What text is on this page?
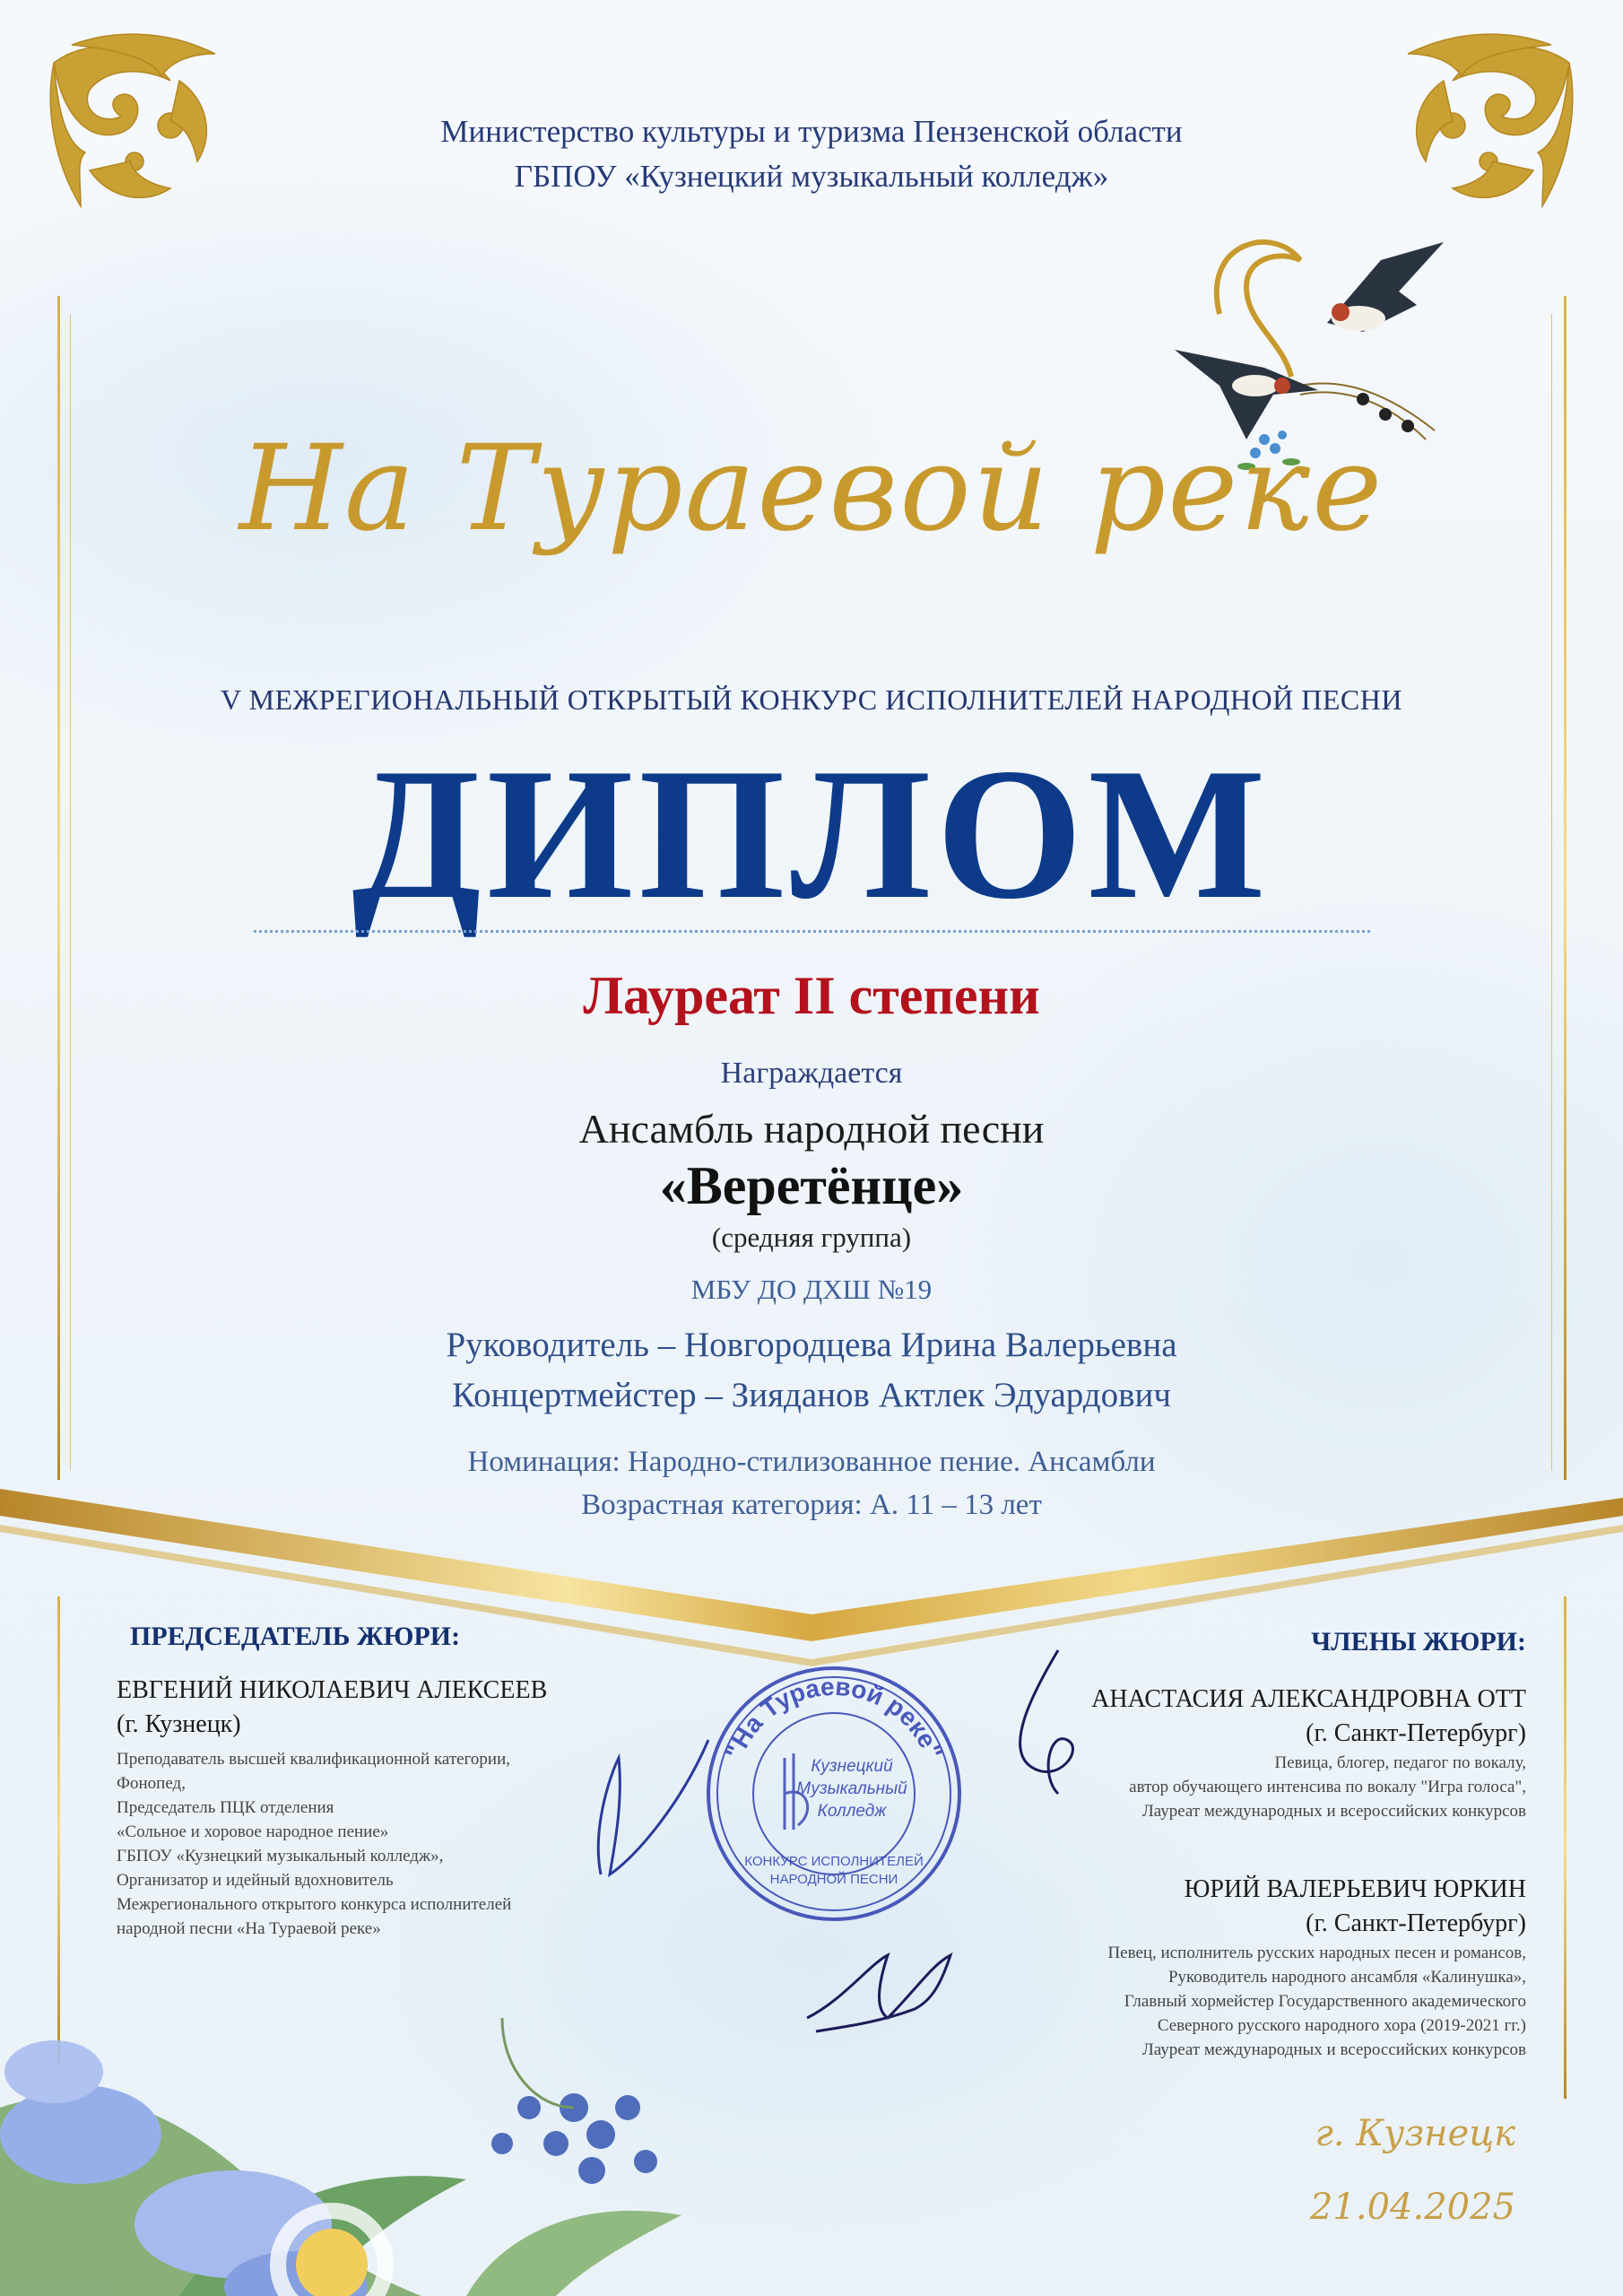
Министерство культуры и туризма Пензенской области
ГБПОУ «Кузнецкий музыкальный колледж»
На Тураевой реке
V МЕЖРЕГИОНАЛЬНЫЙ ОТКРЫТЫЙ КОНКУРС ИСПОЛНИТЕЛЕЙ НАРОДНОЙ ПЕСНИ
ДИПЛОМ
Лауреат II степени
Награждается
Ансамбль народной песни
«Веретёнце»
(средняя группа)
МБУ ДО ДХШ №19
Руководитель – Новгородцева Ирина Валерьевна
Концертмейстер – Зияданов Актлек Эдуардович
Номинация: Народно-стилизованное пение. Ансамбли
Возрастная категория: А. 11 – 13 лет
ПРЕДСЕДАТЕЛЬ ЖЮРИ:
ЕВГЕНИЙ НИКОЛАЕВИЧ АЛЕКСЕЕВ
(г. Кузнецк)
Преподаватель высшей квалификационной категории,
Фонопед,
Председатель ПЦК отделения
«Сольное и хоровое народное пение»
ГБПОУ «Кузнецкий музыкальный колледж»,
Организатор и идейный вдохновитель
Межрегионального открытого конкурса исполнителей
народной песни «На Тураевой реке»
"На Тураевой реке"
Кузнецкий
Музыкальный
Колледж
КОНКУРС ИСПОЛНИТЕЛЕЙ
НАРОДНОЙ ПЕСНИ
ЧЛЕНЫ ЖЮРИ:
АНАСТАСИЯ АЛЕКСАНДРОВНА ОТТ
(г. Санкт-Петербург)
Певица, блогер, педагог по вокалу,
автор обучающего интенсива по вокалу "Игра голоса",
Лауреат международных и всероссийских конкурсов
ЮРИЙ ВАЛЕРЬЕВИЧ ЮРКИН
(г. Санкт-Петербург)
Певец, исполнитель русских народных песен и романсов,
Руководитель народного ансамбля «Калинушка»,
Главный хормейстер Государственного академического
Северного русского народного хора (2019-2021 гг.)
Лауреат международных и всероссийских конкурсов
г. Кузнецк
21.04.2025
